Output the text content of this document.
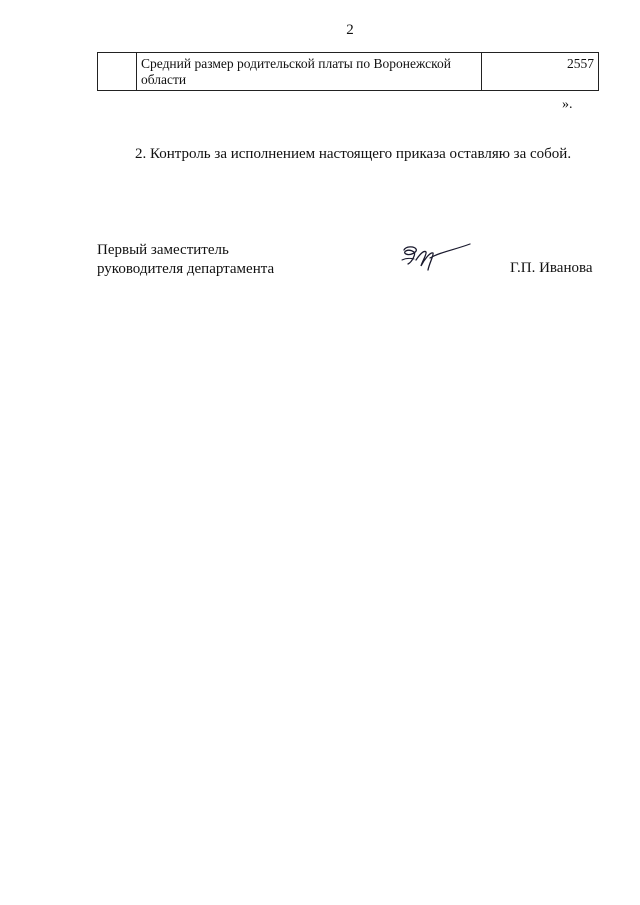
2
	Средний размер родительской платы по Воронежской области	2557
».
2. Контроль за исполнением настоящего приказа оставляю за собой.
Первый заместитель
руководителя департамента	Г.П. Иванова
